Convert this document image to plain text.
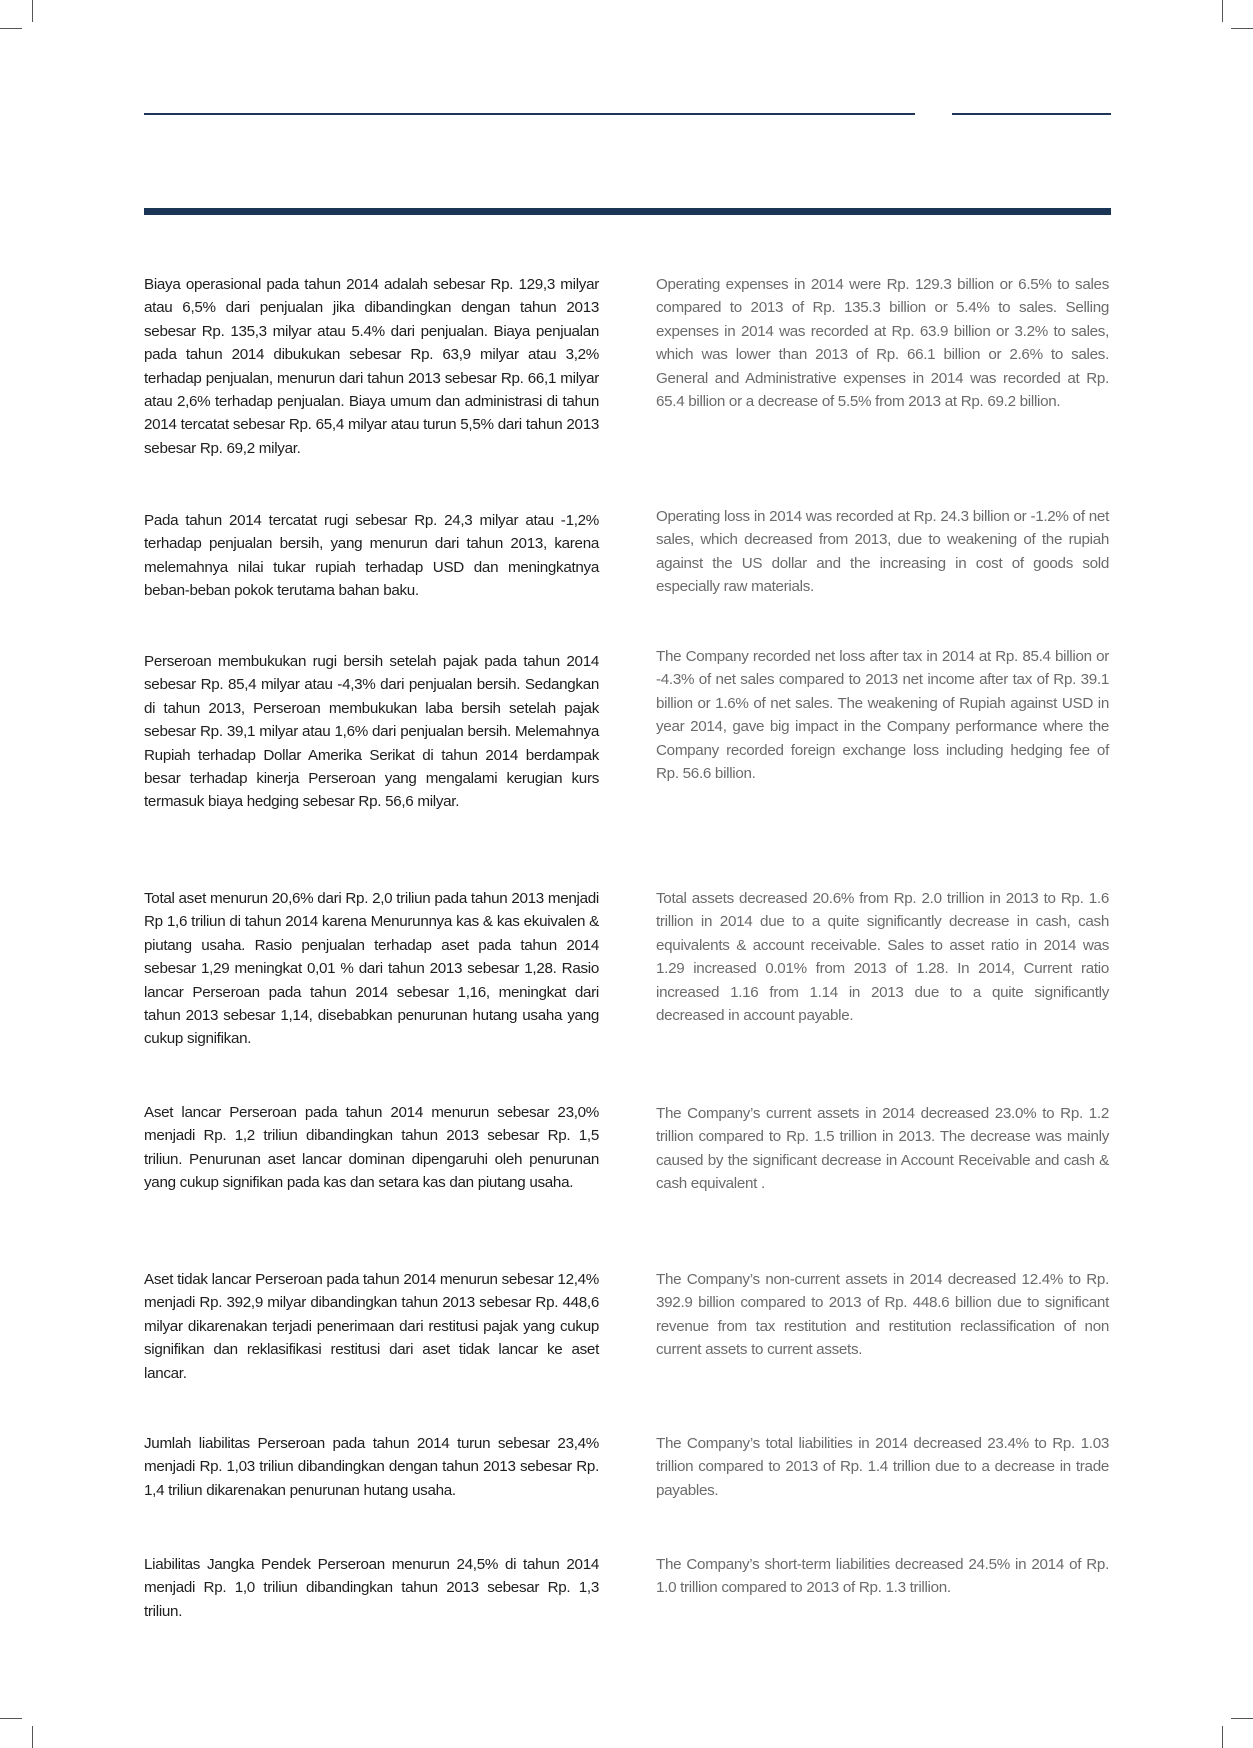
Biaya operasional pada tahun 2014 adalah sebesar Rp. 129,3 milyar atau 6,5% dari penjualan jika dibandingkan dengan tahun 2013 sebesar Rp. 135,3 milyar atau 5.4% dari penjualan. Biaya penjualan pada tahun 2014 dibukukan sebesar Rp. 63,9 milyar atau 3,2% terhadap penjualan, menurun dari tahun 2013 sebesar Rp. 66,1 milyar atau 2,6% terhadap penjualan. Biaya umum dan administrasi di tahun 2014 tercatat sebesar Rp. 65,4 milyar atau turun 5,5% dari tahun 2013 sebesar Rp. 69,2 milyar.

Operating expenses in 2014 were Rp. 129.3 billion or 6.5% to sales compared to 2013 of Rp. 135.3 billion or 5.4% to sales. Selling expenses in 2014 was recorded at Rp. 63.9 billion or 3.2% to sales, which was lower than 2013 of Rp. 66.1 billion or 2.6% to sales. General and Administrative expenses in 2014 was recorded at Rp. 65.4 billion or a decrease of 5.5% from 2013 at Rp. 69.2 billion.

Pada tahun 2014 tercatat rugi sebesar Rp. 24,3 milyar atau -1,2% terhadap penjualan bersih, yang menurun dari tahun 2013, karena melemahnya nilai tukar rupiah terhadap USD dan meningkatnya beban-beban pokok terutama bahan baku.

Operating loss in 2014 was recorded at Rp. 24.3 billion or -1.2% of net sales, which decreased from 2013, due to weakening of the rupiah against the US dollar and the increasing in cost of goods sold especially raw materials.

Perseroan membukukan rugi bersih setelah pajak pada tahun 2014 sebesar Rp. 85,4 milyar atau -4,3% dari penjualan bersih. Sedangkan di tahun 2013, Perseroan membukukan laba bersih setelah pajak sebesar Rp. 39,1 milyar atau 1,6% dari penjualan bersih. Melemahnya Rupiah terhadap Dollar Amerika Serikat di tahun 2014 berdampak besar terhadap kinerja Perseroan yang mengalami kerugian kurs termasuk biaya hedging sebesar Rp. 56,6 milyar.

The Company recorded net loss after tax in 2014 at Rp. 85.4 billion or -4.3% of net sales compared to 2013 net income after tax of Rp. 39.1 billion or 1.6% of net sales. The weakening of Rupiah against USD in year 2014, gave big impact in the Company performance where the Company recorded foreign exchange loss including hedging fee of Rp. 56.6 billion.

Total aset menurun 20,6% dari Rp. 2,0 triliun pada tahun 2013 menjadi Rp 1,6 triliun di tahun 2014 karena Menurunnya kas & kas ekuivalen & piutang usaha. Rasio penjualan terhadap aset pada tahun 2014 sebesar 1,29 meningkat 0,01 % dari tahun 2013 sebesar 1,28. Rasio lancar Perseroan pada tahun 2014 sebesar 1,16, meningkat dari tahun 2013 sebesar 1,14, disebabkan penurunan hutang usaha yang cukup signifikan.

Total assets decreased 20.6% from Rp. 2.0 trillion in 2013 to Rp. 1.6 trillion in 2014 due to a quite significantly decrease in cash, cash equivalents & account receivable. Sales to asset ratio in 2014 was 1.29 increased 0.01% from 2013 of 1.28. In 2014, Current ratio increased 1.16 from 1.14 in 2013 due to a quite significantly decreased in account payable.

Aset lancar Perseroan pada tahun 2014 menurun sebesar 23,0% menjadi Rp. 1,2 triliun dibandingkan tahun 2013 sebesar Rp. 1,5 triliun. Penurunan aset lancar dominan dipengaruhi oleh penurunan yang cukup signifikan pada kas dan setara kas dan piutang usaha.

The Company’s current assets in 2014 decreased 23.0% to Rp. 1.2 trillion compared to Rp. 1.5 trillion in 2013. The decrease was mainly caused by the significant decrease in Account Receivable and cash & cash equivalent .

Aset tidak lancar Perseroan pada tahun 2014 menurun sebesar 12,4% menjadi Rp. 392,9 milyar dibandingkan tahun 2013 sebesar Rp. 448,6 milyar dikarenakan terjadi penerimaan dari restitusi pajak yang cukup signifikan dan reklasifikasi restitusi dari aset tidak lancar ke aset lancar.

The Company’s non-current assets in 2014 decreased 12.4% to Rp. 392.9 billion compared to 2013 of Rp. 448.6 billion due to significant revenue from tax restitution and restitution reclassification of non current assets to current assets.

Jumlah liabilitas Perseroan pada tahun 2014 turun sebesar 23,4% menjadi Rp. 1,03 triliun dibandingkan dengan tahun 2013 sebesar Rp. 1,4 triliun dikarenakan penurunan hutang usaha.

The Company’s total liabilities in 2014 decreased 23.4% to Rp. 1.03 trillion compared to 2013 of Rp. 1.4 trillion due to a decrease in trade payables.

Liabilitas Jangka Pendek Perseroan menurun 24,5% di tahun 2014 menjadi Rp. 1,0 triliun dibandingkan tahun 2013 sebesar Rp. 1,3 triliun.

The Company’s short-term liabilities decreased 24.5% in 2014 of Rp. 1.0 trillion compared to 2013 of Rp. 1.3 trillion.
